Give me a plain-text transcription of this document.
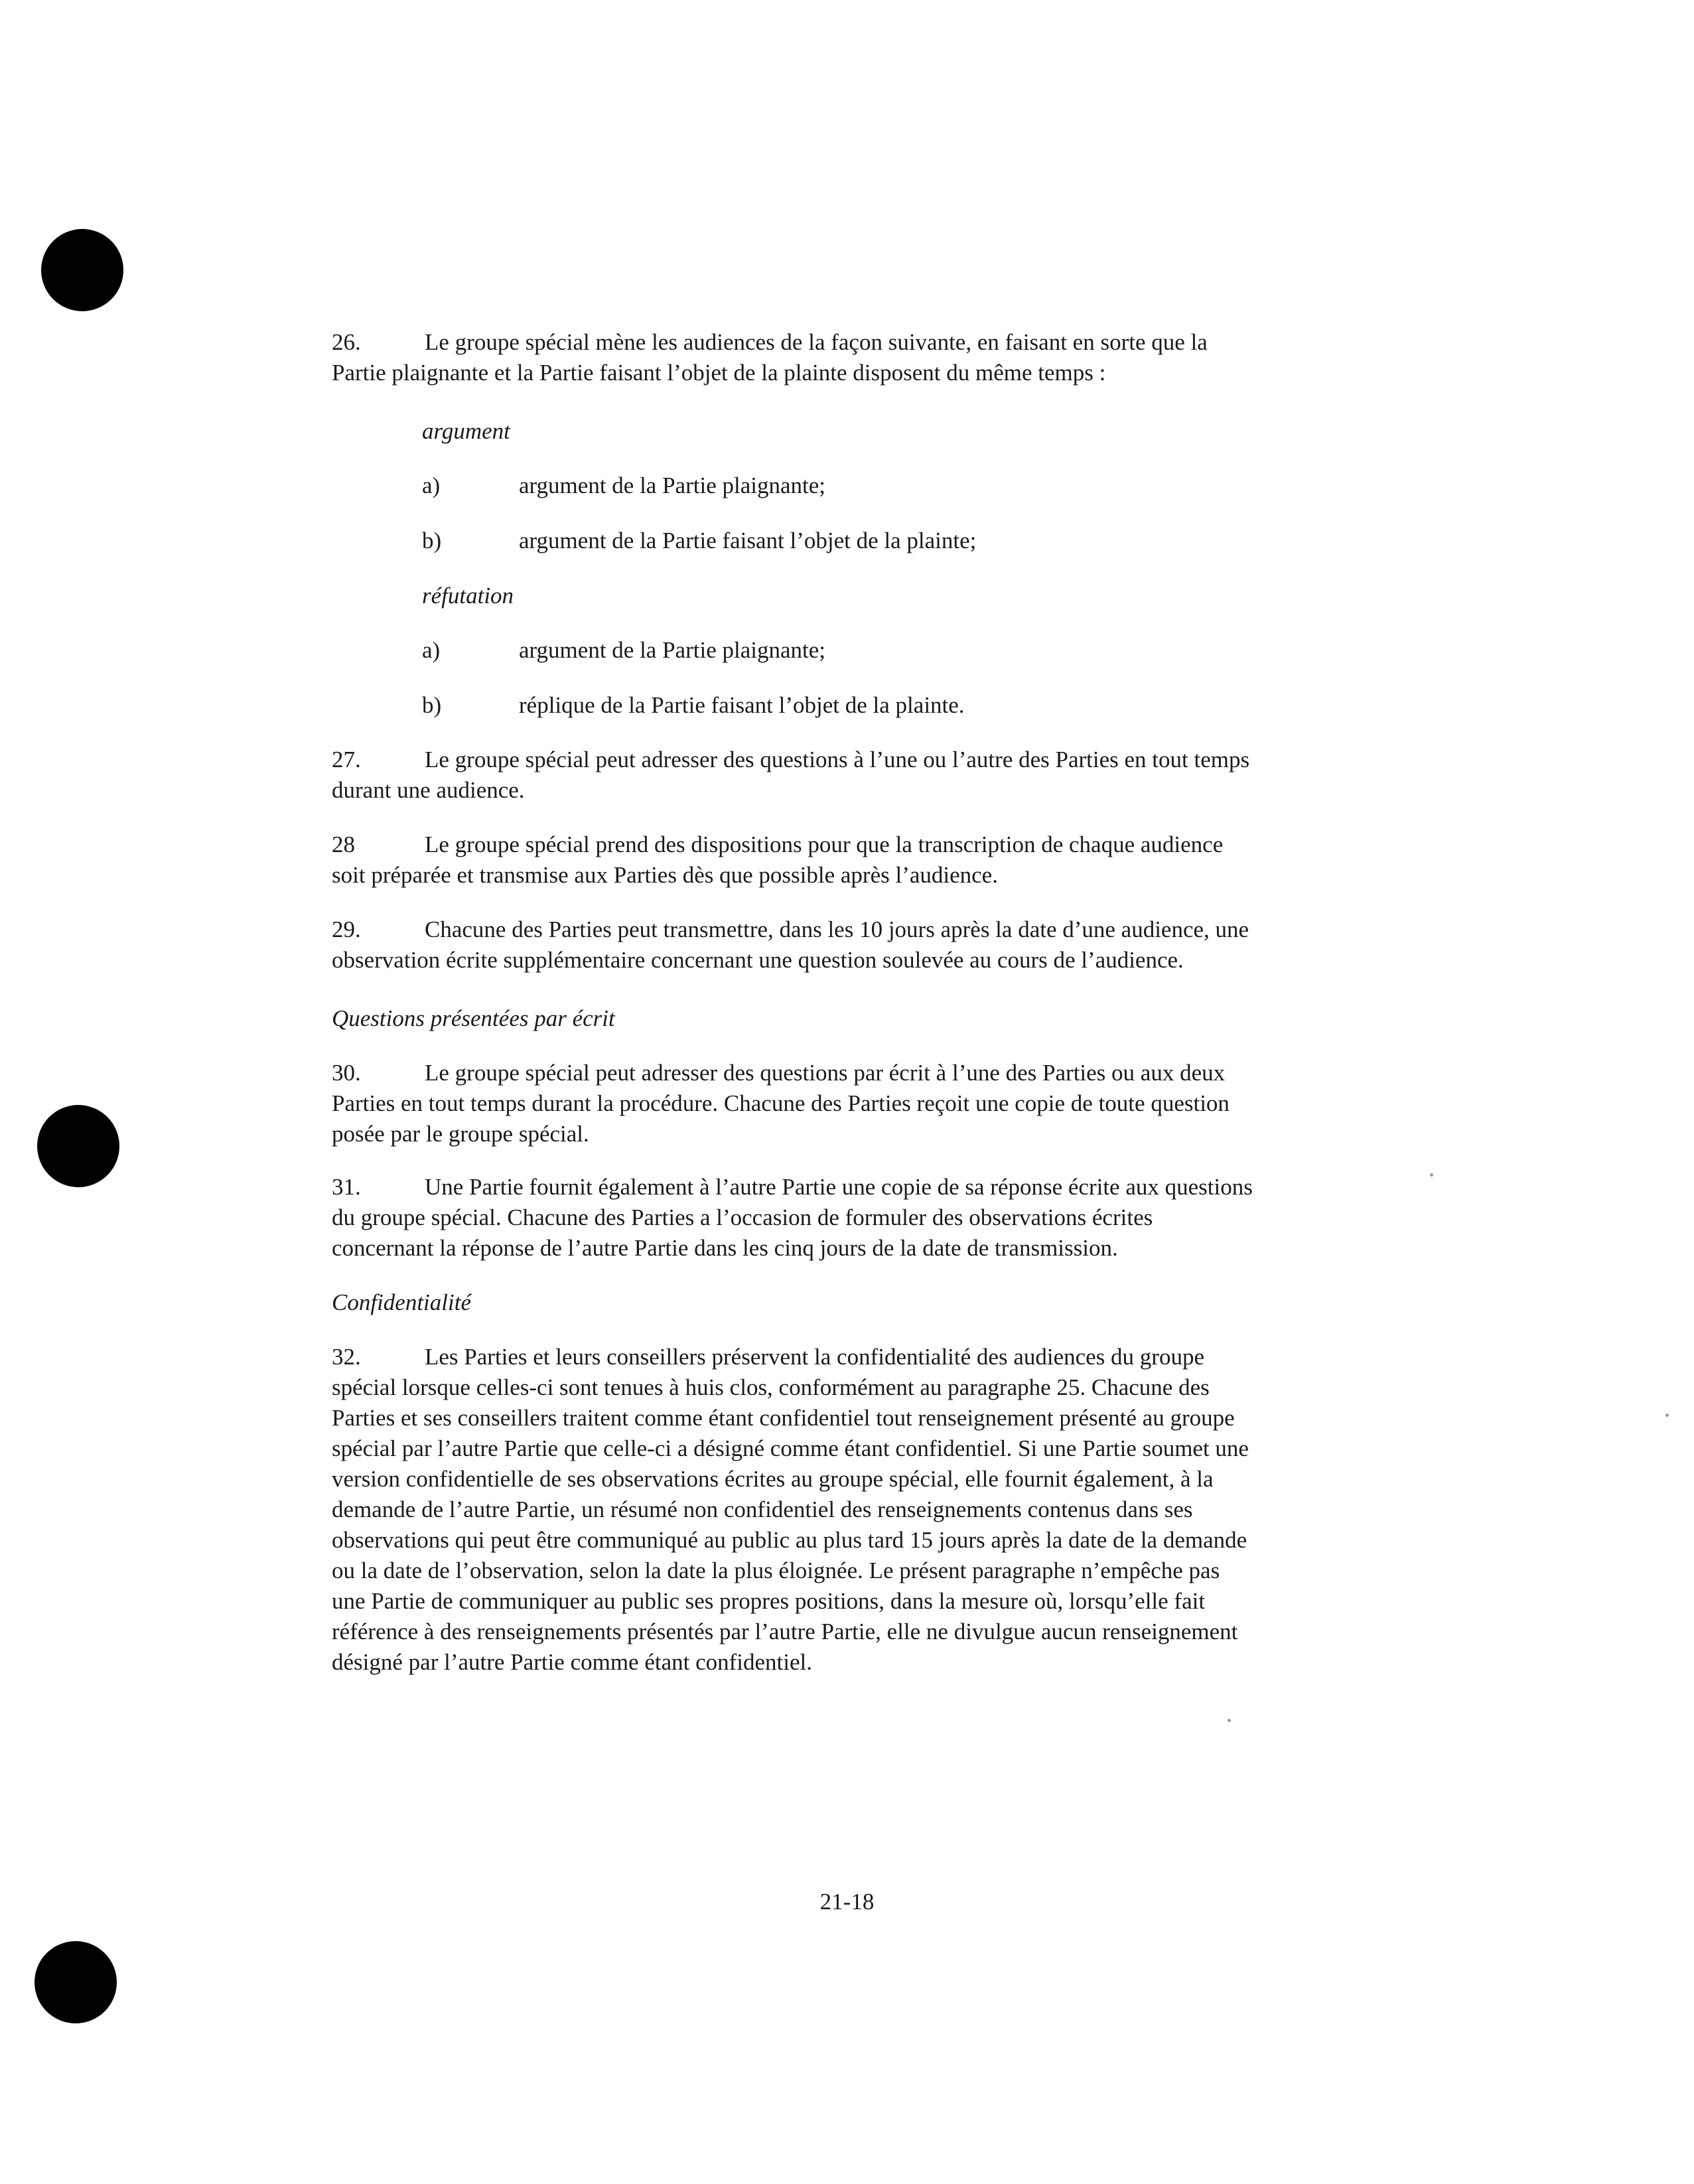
26.	Le groupe spécial mène les audiences de la façon suivante, en faisant en sorte que la
Partie plaignante et la Partie faisant l’objet de la plainte disposent du même temps :
argument
a)	argument de la Partie plaignante;
b)	argument de la Partie faisant l’objet de la plainte;
réfutation
a)	argument de la Partie plaignante;
b)	réplique de la Partie faisant l’objet de la plainte.
27.	Le groupe spécial peut adresser des questions à l’une ou l’autre des Parties en tout temps
durant une audience.
28	Le groupe spécial prend des dispositions pour que la transcription de chaque audience
soit préparée et transmise aux Parties dès que possible après l’audience.
29.	Chacune des Parties peut transmettre, dans les 10 jours après la date d’une audience, une
observation écrite supplémentaire concernant une question soulevée au cours de l’audience.
Questions présentées par écrit
30.	Le groupe spécial peut adresser des questions par écrit à l’une des Parties ou aux deux
Parties en tout temps durant la procédure. Chacune des Parties reçoit une copie de toute question
posée par le groupe spécial.
31.	Une Partie fournit également à l’autre Partie une copie de sa réponse écrite aux questions
du groupe spécial. Chacune des Parties a l’occasion de formuler des observations écrites
concernant la réponse de l’autre Partie dans les cinq jours de la date de transmission.
Confidentialité
32.	Les Parties et leurs conseillers préservent la confidentialité des audiences du groupe
spécial lorsque celles-ci sont tenues à huis clos, conformément au paragraphe 25. Chacune des
Parties et ses conseillers traitent comme étant confidentiel tout renseignement présenté au groupe
spécial par l’autre Partie que celle-ci a désigné comme étant confidentiel. Si une Partie soumet une
version confidentielle de ses observations écrites au groupe spécial, elle fournit également, à la
demande de l’autre Partie, un résumé non confidentiel des renseignements contenus dans ses
observations qui peut être communiqué au public au plus tard 15 jours après la date de la demande
ou la date de l’observation, selon la date la plus éloignée. Le présent paragraphe n’empêche pas
une Partie de communiquer au public ses propres positions, dans la mesure où, lorsqu’elle fait
référence à des renseignements présentés par l’autre Partie, elle ne divulgue aucun renseignement
désigné par l’autre Partie comme étant confidentiel.
21-18
